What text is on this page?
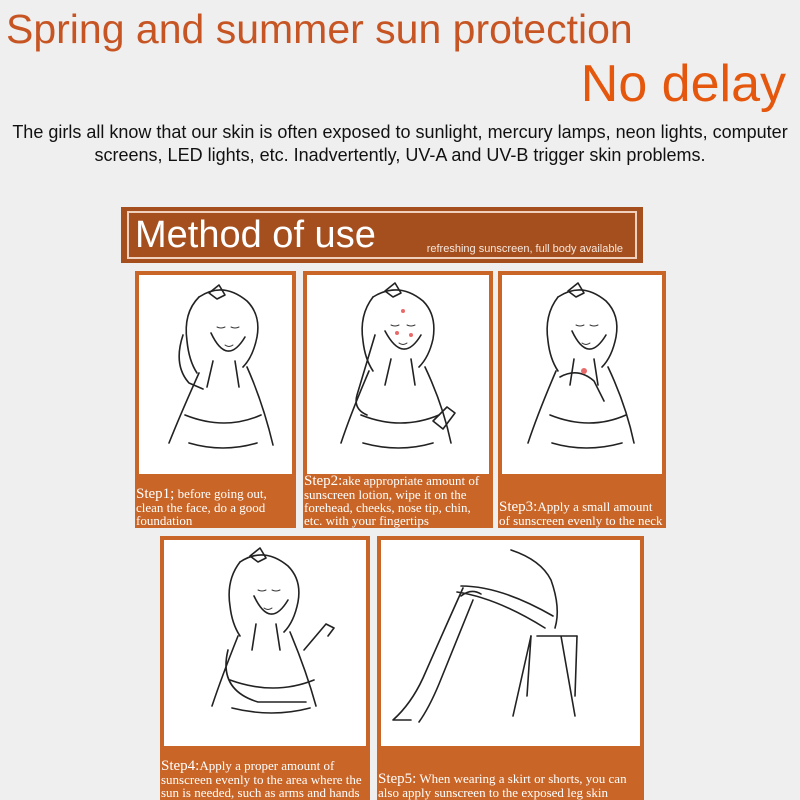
Spring and summer sun protection
No delay
The girls all know that our skin is often exposed to sunlight, mercury lamps, neon lights, computer screens, LED lights, etc. Inadvertently, UV-A and UV-B trigger skin problems.
Method of use	refreshing sunscreen, full body available
Step1; before going out, clean the face, do a good foundation
Step2:ake appropriate amount of sunscreen lotion, wipe it on the forehead, cheeks, nose tip, chin, etc. with your fingertips
Step3:Apply a small amount of sunscreen evenly to the neck
Step4:Apply a proper amount of sunscreen evenly to the area where the sun is needed, such as arms and hands
Step5: When wearing a skirt or shorts, you can also apply sunscreen to the exposed leg skin
